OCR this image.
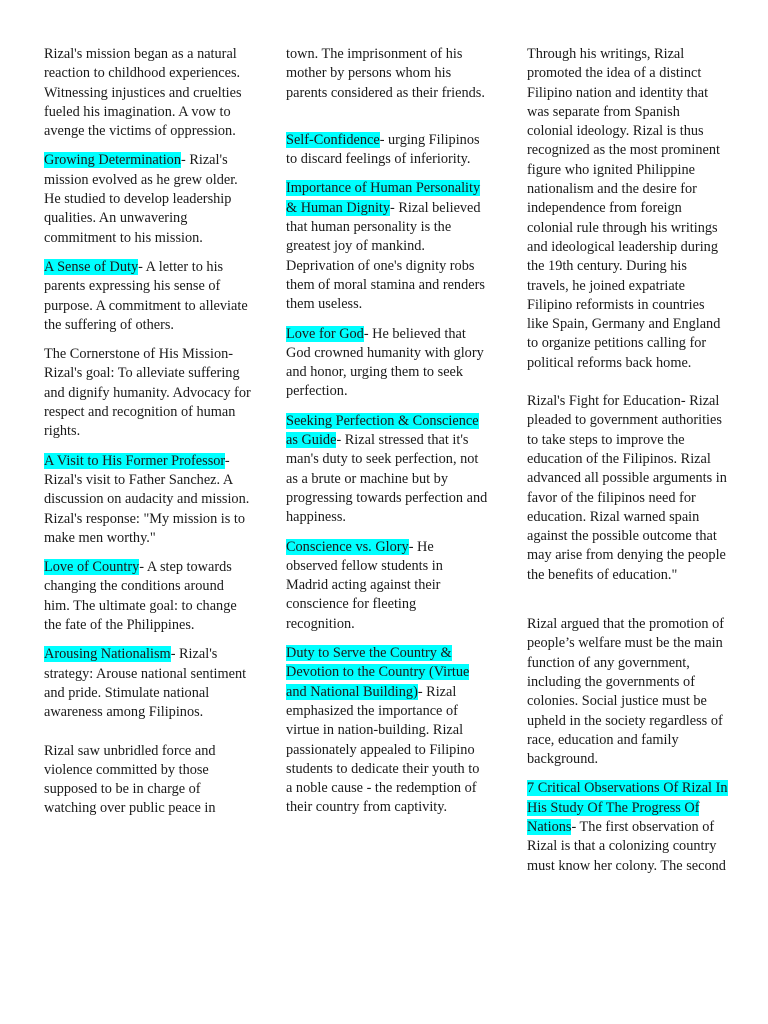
Rizal's mission began as a natural reaction to childhood experiences. Witnessing injustices and cruelties fueled his imagination. A vow to avenge the victims of oppression.

Growing Determination- Rizal's mission evolved as he grew older. He studied to develop leadership qualities. An unwavering commitment to his mission.

A Sense of Duty- A letter to his parents expressing his sense of purpose. A commitment to alleviate the suffering of others.

The Cornerstone of His Mission-Rizal's goal: To alleviate suffering and dignify humanity. Advocacy for respect and recognition of human rights.

A Visit to His Former Professor- Rizal's visit to Father Sanchez. A discussion on audacity and mission. Rizal's response: "My mission is to make men worthy."

Love of Country- A step towards changing the conditions around him. The ultimate goal: to change the fate of the Philippines.

Arousing Nationalism- Rizal's strategy: Arouse national sentiment and pride. Stimulate national awareness among Filipinos.

Rizal saw unbridled force and violence committed by those supposed to be in charge of watching over public peace in

town. The imprisonment of his mother by persons whom his parents considered as their friends.

Self-Confidence- urging Filipinos to discard feelings of inferiority.

Importance of Human Personality & Human Dignity- Rizal believed that human personality is the greatest joy of mankind. Deprivation of one's dignity robs them of moral stamina and renders them useless.

Love for God- He believed that God crowned humanity with glory and honor, urging them to seek perfection.

Seeking Perfection & Conscience as Guide- Rizal stressed that it's man's duty to seek perfection, not as a brute or machine but by progressing towards perfection and happiness.

Conscience vs. Glory- He observed fellow students in Madrid acting against their conscience for fleeting recognition.

Duty to Serve the Country & Devotion to the Country (Virtue and National Building)- Rizal emphasized the importance of virtue in nation-building. Rizal passionately appealed to Filipino students to dedicate their youth to a noble cause - the redemption of their country from captivity.

Through his writings, Rizal promoted the idea of a distinct Filipino nation and identity that was separate from Spanish colonial ideology. Rizal is thus recognized as the most prominent figure who ignited Philippine nationalism and the desire for independence from foreign colonial rule through his writings and ideological leadership during the 19th century. During his travels, he joined expatriate Filipino reformists in countries like Spain, Germany and England to organize petitions calling for political reforms back home.

Rizal's Fight for Education- Rizal pleaded to government authorities to take steps to improve the education of the Filipinos. Rizal advanced all possible arguments in favor of the filipinos need for education. Rizal warned spain against the possible outcome that may arise from denying the people the benefits of education."

Rizal argued that the promotion of people’s welfare must be the main function of any government, including the governments of colonies. Social justice must be upheld in the society regardless of race, education and family background.

7 Critical Observations Of Rizal In His Study Of The Progress Of Nations- The first observation of Rizal is that a colonizing country must know her colony. The second
